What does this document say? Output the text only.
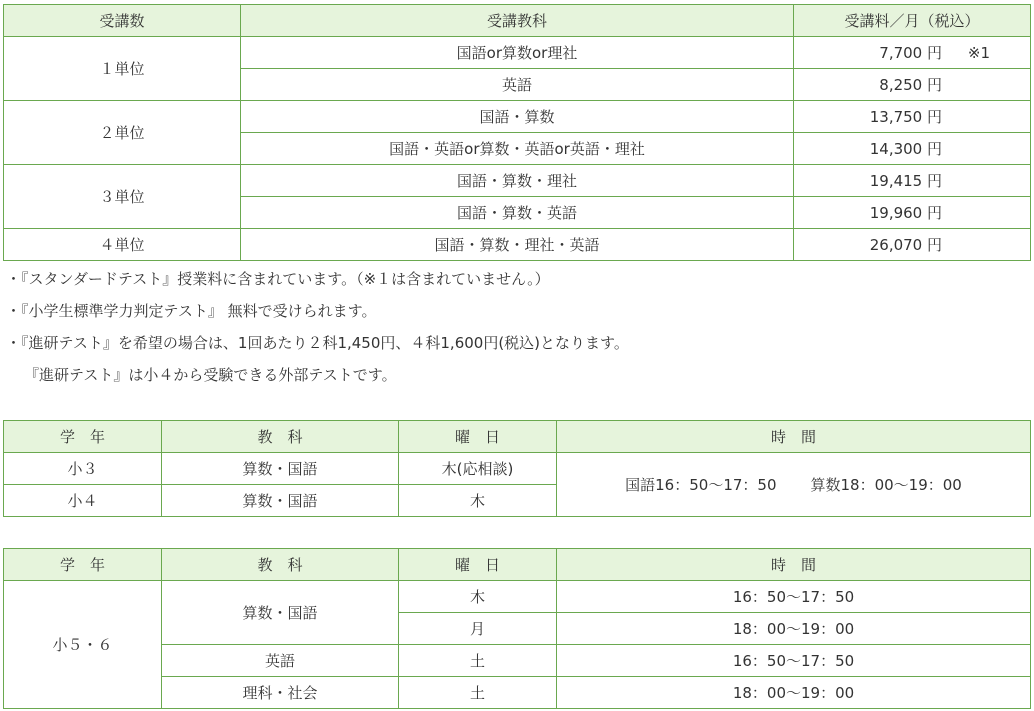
受講数	受講教科	受講料／月（税込）
１単位	国語or算数or理社	7,700 円 ※1

	英語	8,250 円
２単位	国語・算数	13,750 円
	国語・英語or算数・英語or英語・理社	14,300 円
３単位	国語・算数・理社	19,415 円
	国語・算数・英語	19,960 円
４単位	国語・算数・理社・英語	26,070 円
・『スタンダードテスト』授業料に含まれています。（※１は含まれていません。）
・『小学生標準学力判定テスト』 無料で受けられます。
・『進研テスト』を希望の場合は、1回あたり２科1,450円、４科1,600円(税込)となります。
『進研テスト』は小４から受験できる外部テストです。
学　年	教　科	曜　日	時　間
小３	算数・国語	木(応相談)	国語16：50〜17：50 算数18：00〜19：00
小４	算数・国語	木	
学　年	教　科	曜　日	時　間
小５・６	算数・国語	木	16：50〜17：50
		月	18：00〜19：00
	英語	土	16：50〜17：50
	理科・社会	土	18：00〜19：00
